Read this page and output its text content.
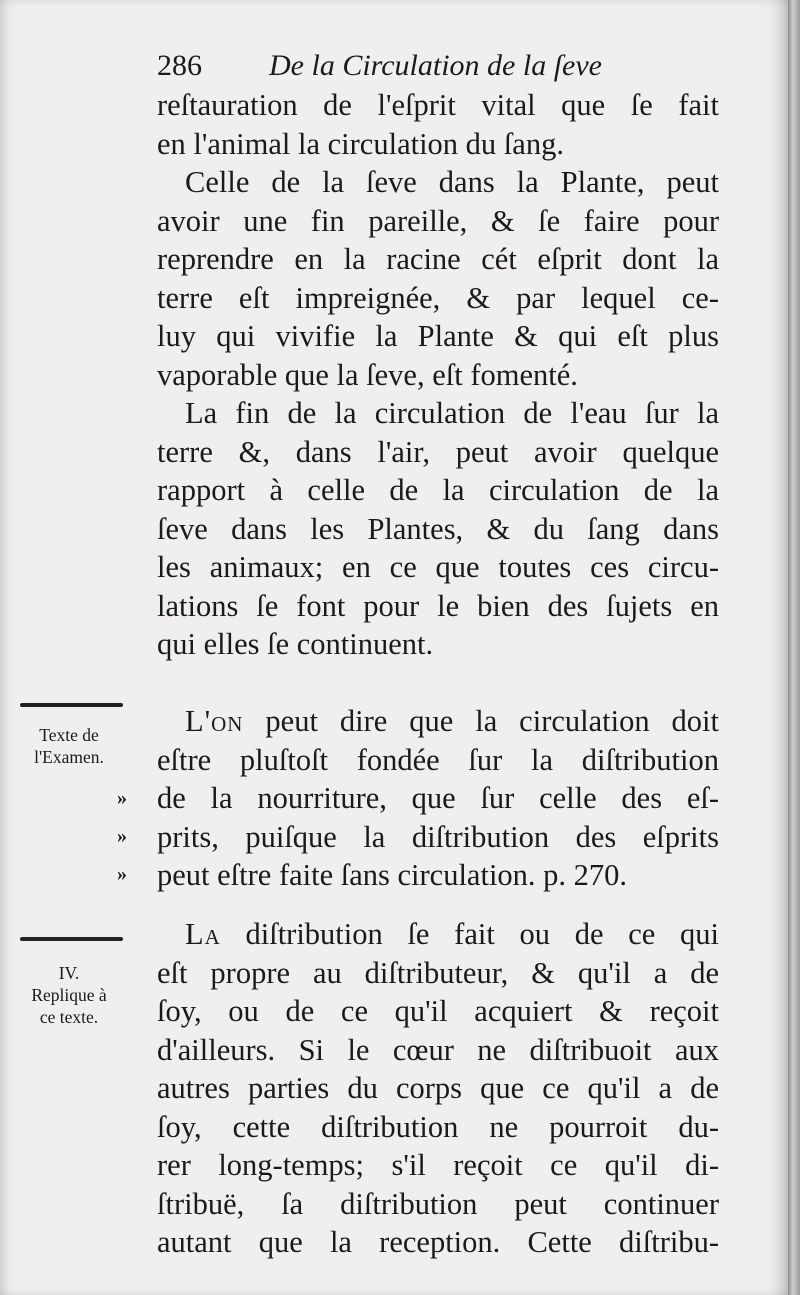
286 De la Circulation de la ſeve
reſtauration de l'eſprit vital que ſe fait
en l'animal la circulation du ſang.
Celle de la ſeve dans la Plante, peut
avoir une fin pareille, & ſe faire pour
reprendre en la racine cét eſprit dont la
terre eſt impreignée, & par lequel ce-
luy qui vivifie la Plante & qui eſt plus
vaporable que la ſeve, eſt fomenté.
La fin de la circulation de l'eau ſur la
terre &, dans l'air, peut avoir quelque
rapport à celle de la circulation de la
ſeve dans les Plantes, & du ſang dans
les animaux; en ce que toutes ces circu-
lations ſe font pour le bien des ſujets en
qui elles ſe continuent.
Texte de
l'Examen.
»
»
»
L'on peut dire que la circulation doit
eſtre pluſtoſt fondée ſur la diſtribution
de la nourriture, que ſur celle des eſ-
prits, puiſque la diſtribution des eſprits
peut eſtre faite ſans circulation. p. 270.
IV.
Replique à
ce texte.
La diſtribution ſe fait ou de ce qui
eſt propre au diſtributeur, & qu'il a de
ſoy, ou de ce qu'il acquiert & reçoit
d'ailleurs. Si le cœur ne diſtribuoit aux
autres parties du corps que ce qu'il a de
ſoy, cette diſtribution ne pourroit du-
rer long-temps; s'il reçoit ce qu'il di-
ſtribuë, ſa diſtribution peut continuer
autant que la reception. Cette diſtribu-
